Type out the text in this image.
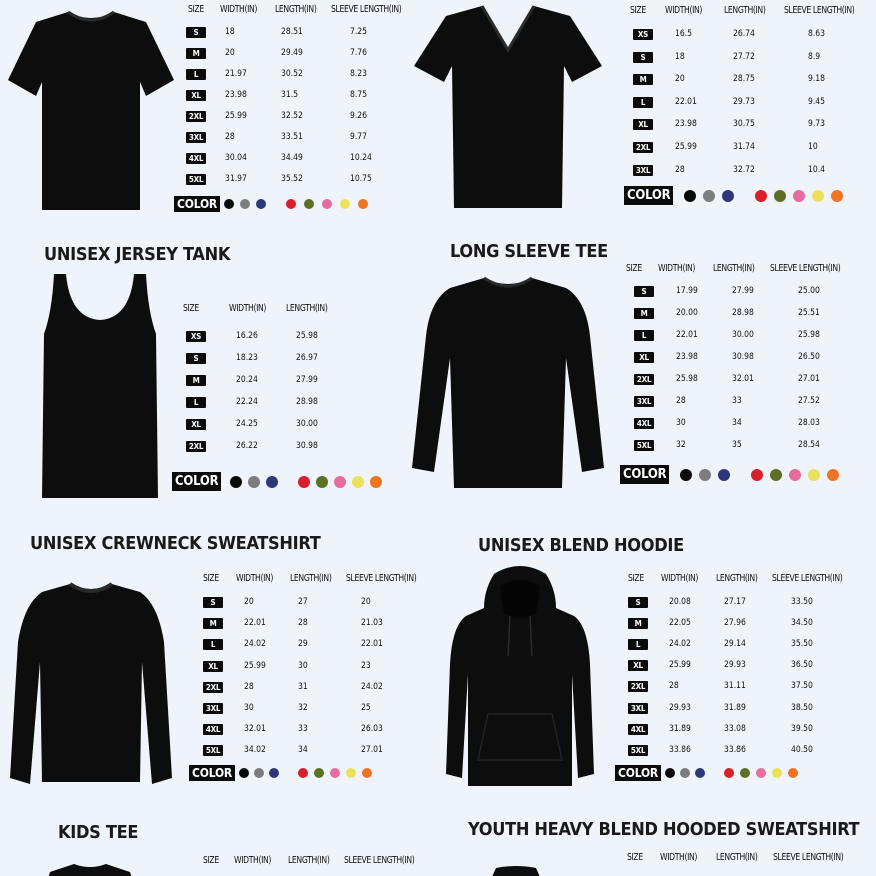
SIZE WIDTH(IN) LENGTH(IN) SLEEVE LENGTH(IN)
S	18	28.51	7.25
M	20	29.49	7.76
L	21.97	30.52	8.23
XL	23.98	31.5	8.75
2XL	25.99	32.52	9.26
3XL	28	33.51	9.77
4XL	30.04	34.49	10.24
5XL	31.97	35.52	10.75
COLOR
SIZE WIDTH(IN) LENGTH(IN) SLEEVE LENGTH(IN)
XS	16.5	26.74	8.63
S	18	27.72	8.9
M	20	28.75	9.18
L	22.01	29.73	9.45
XL	23.98	30.75	9.73
2XL	25.99	31.74	10
3XL	28	32.72	10.4
COLOR
UNISEX JERSEY TANK
SIZE	WIDTH(IN) LENGTH(IN)
XS	16.26	25.98
S	18.23	26.97
M	20.24	27.99
L	22.24	28.98
XL	24.25	30.00
2XL	26.22	30.98
COLOR
LONG SLEEVE TEE
SIZE WIDTH(IN) LENGTH(IN) SLEEVE LENGTH(IN)
S	17.99	27.99	25.00
M	20.00	28.98	25.51
L	22.01	30.00	25.98
XL	23.98	30.98	26.50
2XL	25.98	32.01	27.01
3XL	28	33	27.52
4XL	30	34	28.03
5XL	32	35	28.54
COLOR
UNISEX CREWNECK SWEATSHIRT
SIZE WIDTH(IN) LENGTH(IN) SLEEVE LENGTH(IN)
S	20	27	20
M	22.01	28	21.03
L	24.02	29	22.01
XL	25.99	30	23
2XL	28	31	24.02
3XL	30	32	25
4XL	32.01	33	26.03
5XL	34.02	34	27.01
COLOR
UNISEX BLEND HOODIE
SIZE WIDTH(IN) LENGTH(IN) SLEEVE LENGTH(IN)
S	20.08	27.17	33.50
M	22.05	27.96	34.50
L	24.02	29.14	35.50
XL	25.99	29.93	36.50
2XL	28	31.11	37.50
3XL	29.93	31.89	38.50
4XL	31.89	33.08	39.50
5XL	33.86	33.86	40.50
COLOR
KIDS TEE
SIZE WIDTH(IN) LENGTH(IN) SLEEVE LENGTH(IN)
YOUTH HEAVY BLEND HOODED SWEATSHIRT
SIZE WIDTH(IN) LENGTH(IN) SLEEVE LENGTH(IN)
